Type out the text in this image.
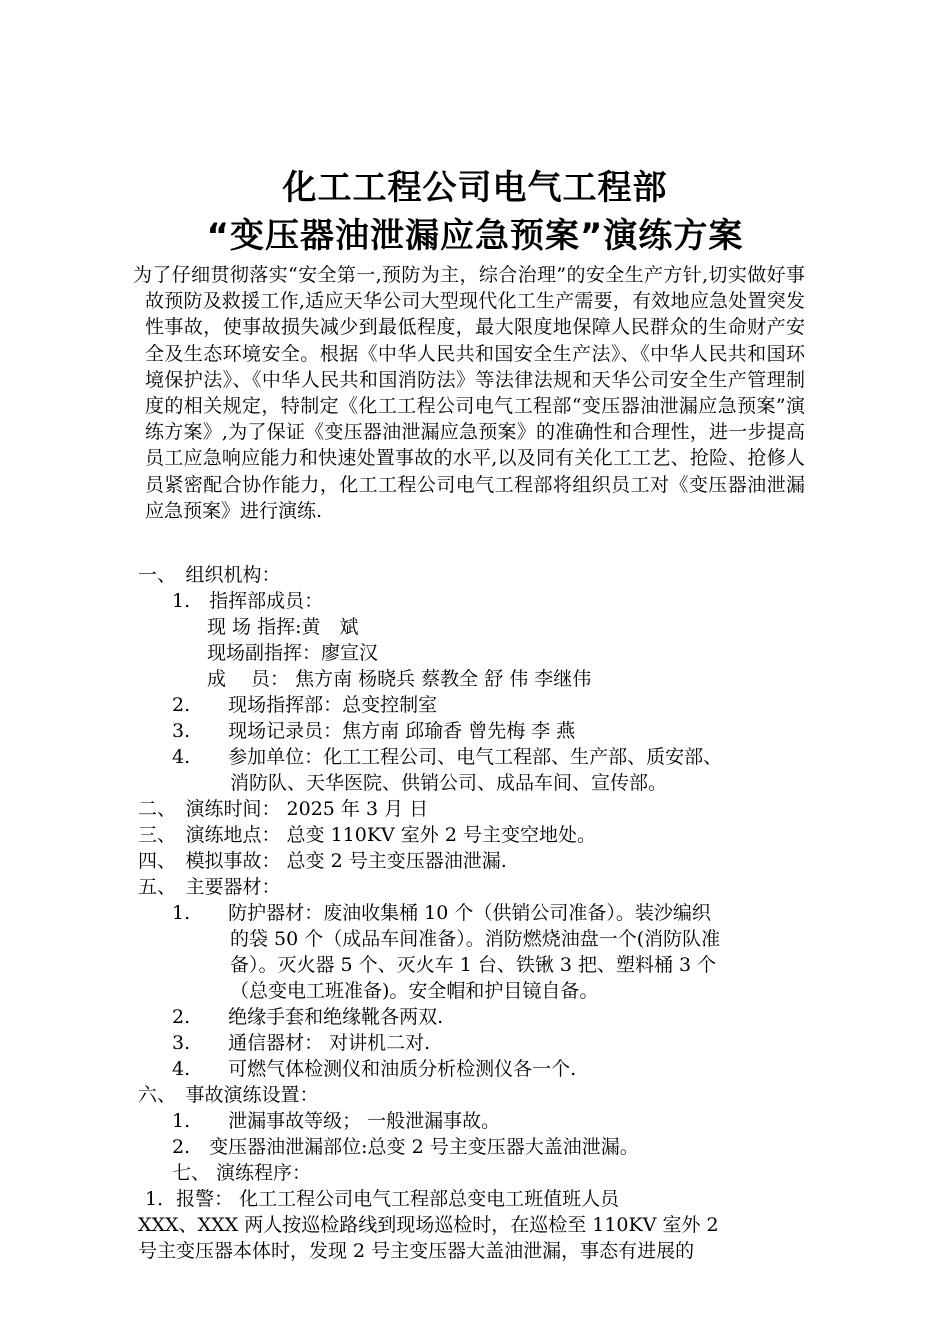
化工工程公司电气工程部
“变压器油泄漏应急预案”演练方案
为了仔细贯彻落实“安全第一,预防为主，综合治理”的安全生产方针,切实做好事故预防及救援工作,适应天华公司大型现代化工生产需要，有效地应急处置突发性事故，使事故损失减少到最低程度，最大限度地保障人民群众的生命财产安全及生态环境安全。根据《中华人民共和国安全生产法》、《中华人民共和国环境保护法》、《中华人民共和国消防法》等法律法规和天华公司安全生产管理制度的相关规定，特制定《化工工程公司电气工程部“变压器油泄漏应急预案”演练方案》,为了保证《变压器油泄漏应急预案》的准确性和合理性，进一步提高员工应急响应能力和快速处置事故的水平,以及同有关化工工艺、抢险、抢修人员紧密配合协作能力，化工工程公司电气工程部将组织员工对《变压器油泄漏应急预案》进行演练.
一、　组织机构：
1.　指挥部成员：
现 场 指挥:黄　斌
现场副指挥：廖宣汉
成　 员： 焦方南 杨晓兵 蔡教全 舒 伟 李继伟
2.　　现场指挥部：总变控制室
3.　　现场记录员：焦方南 邱瑜香 曾先梅 李 燕
4.　　参加单位：化工工程公司、电气工程部、生产部、质安部、
消防队、天华医院、供销公司、成品车间、宣传部。
二、　演练时间： 2025 年 3 月 日
三、　演练地点： 总变 110KV 室外 2 号主变空地处。
四、　模拟事故： 总变 2 号主变压器油泄漏.
五、　主要器材：
1.　　防护器材：废油收集桶 10 个（供销公司准备）。装沙编织
的袋 50 个（成品车间准备）。消防燃烧油盘一个(消防队准
备）。灭火器 5 个、灭火车 1 台、铁锹 3 把、塑料桶 3 个
（总变电工班准备)。安全帽和护目镜自备。
2.　　绝缘手套和绝缘靴各两双.
3.　　通信器材： 对讲机二对.
4.　　可燃气体检测仪和油质分析检测仪各一个.
六、　事故演练设置：
1.　　泄漏事故等级； 一般泄漏事故。
2.　变压器油泄漏部位:总变 2 号主变压器大盖油泄漏。
七、 演练程序：
1．报警： 化工工程公司电气工程部总变电工班值班人员
XXX、XXX 两人按巡检路线到现场巡检时，在巡检至 110KV 室外 2
号主变压器本体时，发现 2 号主变压器大盖油泄漏，事态有进展的
